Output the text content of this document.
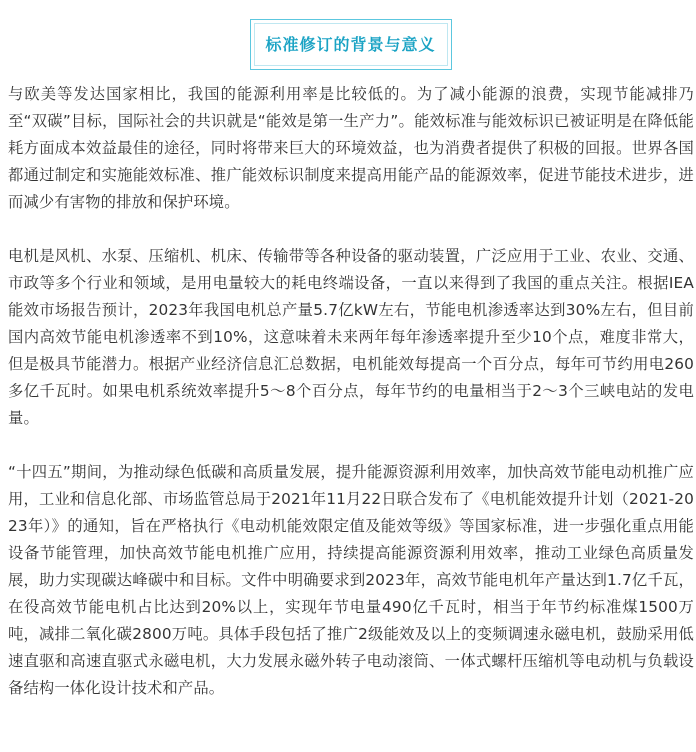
标准修订的背景与意义

与欧美等发达国家相比，我国的能源利用率是比较低的。为了减小能源的浪费，实现节能减排乃至“双碳”目标，国际社会的共识就是“能效是第一生产力”。能效标准与能效标识已被证明是在降低能耗方面成本效益最佳的途径，同时将带来巨大的环境效益，也为消费者提供了积极的回报。世界各国都通过制定和实施能效标准、推广能效标识制度来提高用能产品的能源效率，促进节能技术进步，进而减少有害物的排放和保护环境。

电机是风机、水泵、压缩机、机床、传输带等各种设备的驱动装置，广泛应用于工业、农业、交通、市政等多个行业和领域，是用电量较大的耗电终端设备，一直以来得到了我国的重点关注。根据IEA能效市场报告预计，2023年我国电机总产量5.7亿kW左右，节能电机渗透率达到30%左右，但目前国内高效节能电机渗透率不到10%，这意味着未来两年每年渗透率提升至少10个点，难度非常大，但是极具节能潜力。根据产业经济信息汇总数据，电机能效每提高一个百分点，每年可节约用电260多亿千瓦时。如果电机系统效率提升5～8个百分点，每年节约的电量相当于2～3个三峡电站的发电量。

“十四五”期间，为推动绿色低碳和高质量发展，提升能源资源利用效率，加快高效节能电动机推广应用，工业和信息化部、市场监管总局于2021年11月22日联合发布了《电机能效提升计划（2021-2023年）》的通知，旨在严格执行《电动机能效限定值及能效等级》等国家标准，进一步强化重点用能设备节能管理，加快高效节能电机推广应用，持续提高能源资源利用效率，推动工业绿色高质量发展，助力实现碳达峰碳中和目标。文件中明确要求到2023年，高效节能电机年产量达到1.7亿千瓦，在役高效节能电机占比达到20%以上，实现年节电量490亿千瓦时，相当于年节约标准煤1500万吨，减排二氧化碳2800万吨。具体手段包括了推广2级能效及以上的变频调速永磁电机，鼓励采用低速直驱和高速直驱式永磁电机，大力发展永磁外转子电动滚筒、一体式螺杆压缩机等电动机与负载设备结构一体化设计技术和产品。
